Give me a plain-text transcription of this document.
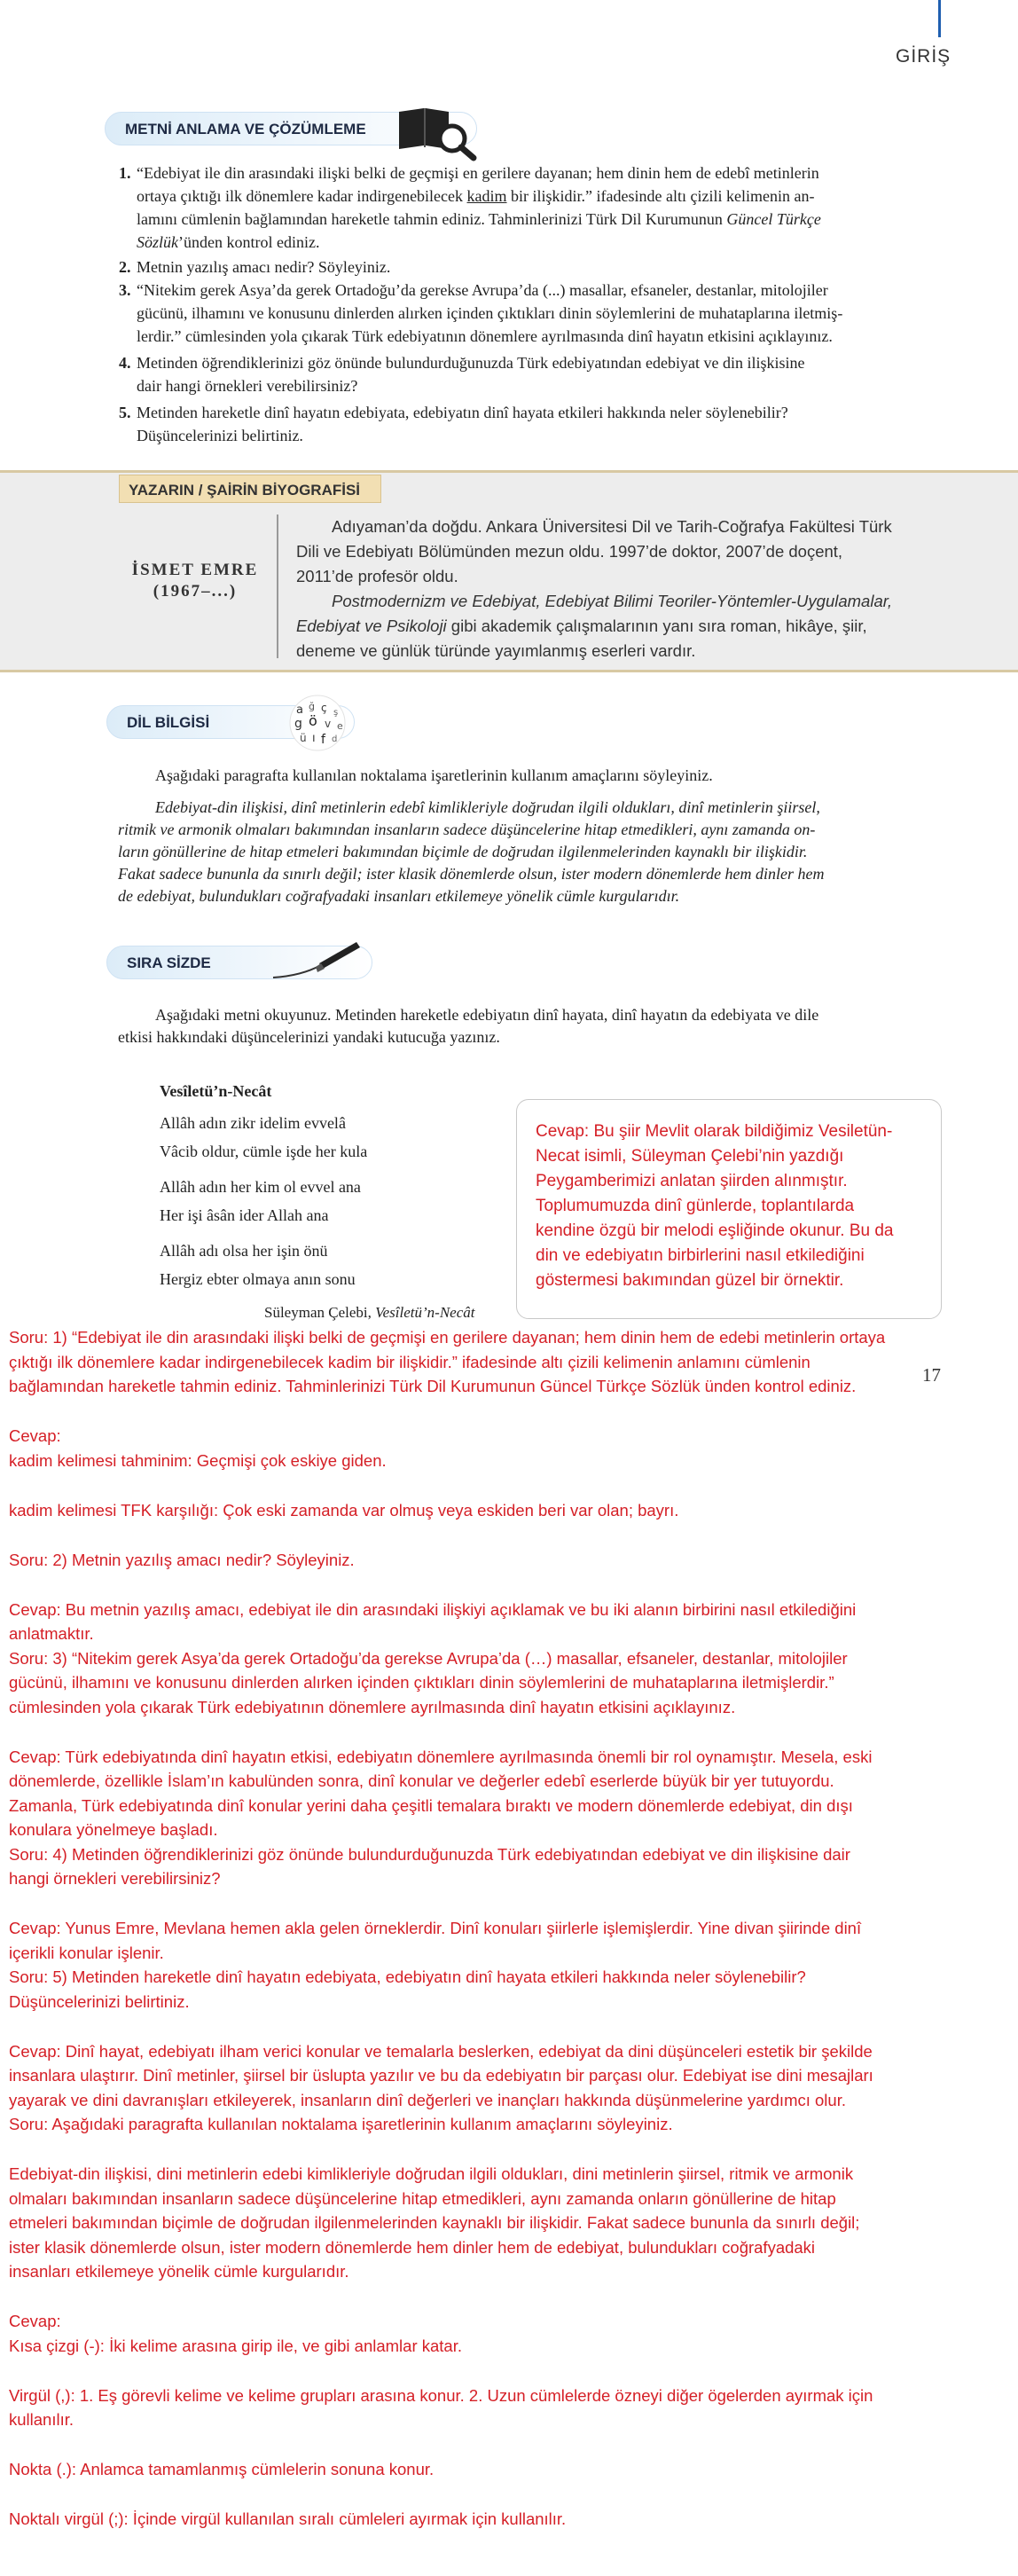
GİRİŞ
METNİ ANLAMA VE ÇÖZÜMLEME
1. “Edebiyat ile din arasındaki ilişki belki de geçmişi en gerilere dayanan; hem dinin hem de edebî metinlerin
ortaya çıktığı ilk dönemlere kadar indirgenebilecek kadim bir ilişkidir.” ifadesinde altı çizili kelimenin an-
lamını cümlenin bağlamından hareketle tahmin ediniz. Tahminlerinizi Türk Dil Kurumunun Güncel Türkçe
Sözlük’ünden kontrol ediniz.
2. Metnin yazılış amacı nedir? Söyleyiniz.
3. “Nitekim gerek Asya’da gerek Ortadoğu’da gerekse Avrupa’da (...) masallar, efsaneler, destanlar, mitolojiler
gücünü, ilhamını ve konusunu dinlerden alırken içinden çıktıkları dinin söylemlerini de muhataplarına iletmiş-
lerdir.” cümlesinden yola çıkarak Türk edebiyatının dönemlere ayrılmasında dinî hayatın etkisini açıklayınız.
4. Metinden öğrendiklerinizi göz önünde bulundurduğunuzda Türk edebiyatından edebiyat ve din ilişkisine
dair hangi örnekleri verebilirsiniz?
5. Metinden hareketle dinî hayatın edebiyata, edebiyatın dinî hayata etkileri hakkında neler söylenebilir?
Düşüncelerinizi belirtiniz.
YAZARIN / ŞAİRİN BİYOGRAFİSİ
İSMET EMRE
(1967–...)
Adıyaman’da doğdu. Ankara Üniversitesi Dil ve Tarih-Coğrafya Fakültesi Türk
Dili ve Edebiyatı Bölümünden mezun oldu. 1997’de doktor, 2007’de doçent,
2011’de profesör oldu.
Postmodernizm ve Edebiyat, Edebiyat Bilimi Teoriler-Yöntemler-Uygulamalar,
Edebiyat ve Psikoloji gibi akademik çalışmalarının yanı sıra roman, hikâye, şiir,
deneme ve günlük türünde yayımlanmış eserleri vardır.
DİL BİLGİSİ
a ğ ç ş
g ö v e
ü ı f d
Aşağıdaki paragrafta kullanılan noktalama işaretlerinin kullanım amaçlarını söyleyiniz.
Edebiyat-din ilişkisi, dinî metinlerin edebî kimlikleriyle doğrudan ilgili oldukları, dinî metinlerin şiirsel,
ritmik ve armonik olmaları bakımından insanların sadece düşüncelerine hitap etmedikleri, aynı zamanda on-
ların gönüllerine de hitap etmeleri bakımından biçimle de doğrudan ilgilenmelerinden kaynaklı bir ilişkidir.
Fakat sadece bununla da sınırlı değil; ister klasik dönemlerde olsun, ister modern dönemlerde hem dinler hem
de edebiyat, bulundukları coğrafyadaki insanları etkilemeye yönelik cümle kurgularıdır.
SIRA SİZDE
Aşağıdaki metni okuyunuz. Metinden hareketle edebiyatın dinî hayata, dinî hayatın da edebiyata ve dile
etkisi hakkındaki düşüncelerinizi yandaki kutucuğa yazınız.
Vesîletü’n-Necât
Allâh adın zikr idelim evvelâ
Vâcib oldur, cümle işde her kula
Allâh adın her kim ol evvel ana
Her işi âsân ider Allah ana
Allâh adı olsa her işin önü
Hergiz ebter olmaya anın sonu
Süleyman Çelebi, Vesîletü’n-Necât
Cevap: Bu şiir Mevlit olarak bildiğimiz Vesiletün-
Necat isimli, Süleyman Çelebi’nin yazdığı
Peygamberimizi anlatan şiirden alınmıştır.
Toplumumuzda dinî günlerde, toplantılarda
kendine özgü bir melodi eşliğinde okunur. Bu da
din ve edebiyatın birbirlerini nasıl etkilediğini
göstermesi bakımından güzel bir örnektir.
17
Soru: 1) “Edebiyat ile din arasındaki ilişki belki de geçmişi en gerilere dayanan; hem dinin hem de edebi metinlerin ortaya
çıktığı ilk dönemlere kadar indirgenebilecek kadim bir ilişkidir.” ifadesinde altı çizili kelimenin anlamını cümlenin
bağlamından hareketle tahmin ediniz. Tahminlerinizi Türk Dil Kurumunun Güncel Türkçe Sözlük ünden kontrol ediniz.
Cevap:
kadim kelimesi tahminim: Geçmişi çok eskiye giden.
kadim kelimesi TFK karşılığı: Çok eski zamanda var olmuş veya eskiden beri var olan; bayrı.
Soru: 2) Metnin yazılış amacı nedir? Söyleyiniz.
Cevap: Bu metnin yazılış amacı, edebiyat ile din arasındaki ilişkiyi açıklamak ve bu iki alanın birbirini nasıl etkilediğini
anlatmaktır.
Soru: 3) “Nitekim gerek Asya’da gerek Ortadoğu’da gerekse Avrupa’da (…) masallar, efsaneler, destanlar, mitolojiler
gücünü, ilhamını ve konusunu dinlerden alırken içinden çıktıkları dinin söylemlerini de muhataplarına iletmişlerdir.”
cümlesinden yola çıkarak Türk edebiyatının dönemlere ayrılmasında dinî hayatın etkisini açıklayınız.
Cevap: Türk edebiyatında dinî hayatın etkisi, edebiyatın dönemlere ayrılmasında önemli bir rol oynamıştır. Mesela, eski
dönemlerde, özellikle İslam’ın kabulünden sonra, dinî konular ve değerler edebî eserlerde büyük bir yer tutuyordu.
Zamanla, Türk edebiyatında dinî konular yerini daha çeşitli temalara bıraktı ve modern dönemlerde edebiyat, din dışı
konulara yönelmeye başladı.
Soru: 4) Metinden öğrendiklerinizi göz önünde bulundurduğunuzda Türk edebiyatından edebiyat ve din ilişkisine dair
hangi örnekleri verebilirsiniz?
Cevap: Yunus Emre, Mevlana hemen akla gelen örneklerdir. Dinî konuları şiirlerle işlemişlerdir. Yine divan şiirinde dinî
içerikli konular işlenir.
Soru: 5) Metinden hareketle dinî hayatın edebiyata, edebiyatın dinî hayata etkileri hakkında neler söylenebilir?
Düşüncelerinizi belirtiniz.
Cevap: Dinî hayat, edebiyatı ilham verici konular ve temalarla beslerken, edebiyat da dini düşünceleri estetik bir şekilde
insanlara ulaştırır. Dinî metinler, şiirsel bir üslupta yazılır ve bu da edebiyatın bir parçası olur. Edebiyat ise dini mesajları
yayarak ve dini davranışları etkileyerek, insanların dinî değerleri ve inançları hakkında düşünmelerine yardımcı olur.
Soru: Aşağıdaki paragrafta kullanılan noktalama işaretlerinin kullanım amaçlarını söyleyiniz.
Edebiyat-din ilişkisi, dini metinlerin edebi kimlikleriyle doğrudan ilgili oldukları, dini metinlerin şiirsel, ritmik ve armonik
olmaları bakımından insanların sadece düşüncelerine hitap etmedikleri, aynı zamanda onların gönüllerine de hitap
etmeleri bakımından biçimle de doğrudan ilgilenmelerinden kaynaklı bir ilişkidir. Fakat sadece bununla da sınırlı değil;
ister klasik dönemlerde olsun, ister modern dönemlerde hem dinler hem de edebiyat, bulundukları coğrafyadaki
insanları etkilemeye yönelik cümle kurgularıdır.
Cevap:
Kısa çizgi (-): İki kelime arasına girip ile, ve gibi anlamlar katar.
Virgül (,): 1. Eş görevli kelime ve kelime grupları arasına konur. 2. Uzun cümlelerde özneyi diğer ögelerden ayırmak için
kullanılır.
Nokta (.): Anlamca tamamlanmış cümlelerin sonuna konur.
Noktalı virgül (;): İçinde virgül kullanılan sıralı cümleleri ayırmak için kullanılır.
